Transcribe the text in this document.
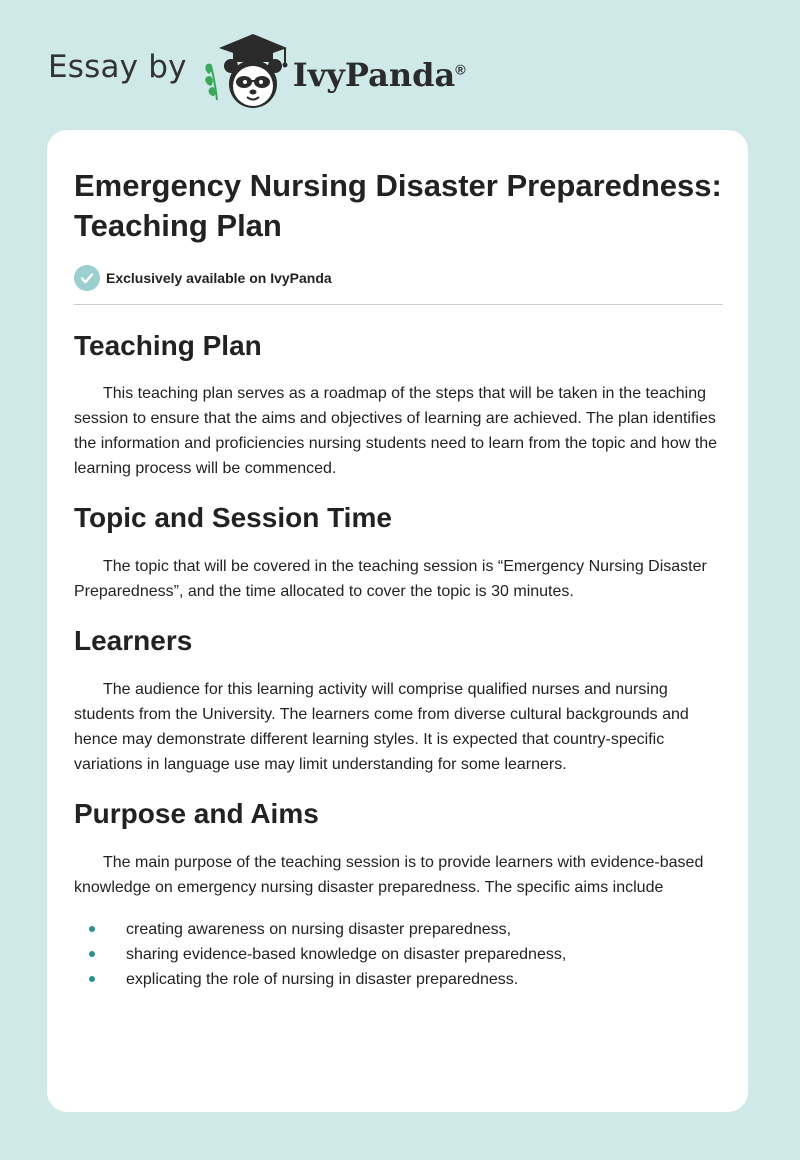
Essay by	IvyPanda®
Emergency Nursing Disaster Preparedness: Teaching Plan
Exclusively available on IvyPanda
Teaching Plan

This teaching plan serves as a roadmap of the steps that will be taken in the teaching session to ensure that the aims and objectives of learning are achieved. The plan identifies the information and proficiencies nursing students need to learn from the topic and how the learning process will be commenced.

Topic and Session Time

The topic that will be covered in the teaching session is “Emergency Nursing Disaster Preparedness”, and the time allocated to cover the topic is 30 minutes.

Learners

The audience for this learning activity will comprise qualified nurses and nursing students from the University. The learners come from diverse cultural backgrounds and hence may demonstrate different learning styles. It is expected that country-specific variations in language use may limit understanding for some learners.

Purpose and Aims

The main purpose of the teaching session is to provide learners with evidence-based knowledge on emergency nursing disaster preparedness. The specific aims include

creating awareness on nursing disaster preparedness,
sharing evidence-based knowledge on disaster preparedness,
explicating the role of nursing in disaster preparedness.
